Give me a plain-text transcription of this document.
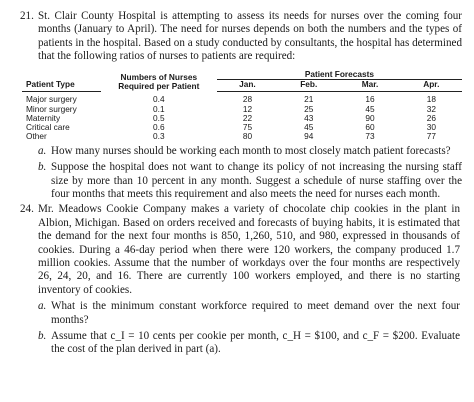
21. St. Clair County Hospital is attempting to assess its needs for nurses over the coming four months (January to April). The need for nurses depends on both the numbers and the types of patients in the hospital. Based on a study conducted by consultants, the hospital has determined that the following ratios of nurses to patients are required:

	Numbers of Nurses Required per Patient	Patient Forecasts			
Patient Type		Jan.	Feb.	Mar.	Apr.
Major surgery	0.4	28	21	16	18
Minor surgery	0.1	12	25	45	32
Maternity	0.5	22	43	90	26
Critical care	0.6	75	45	60	30
Other	0.3	80	94	73	77
a. How many nurses should be working each month to most closely match patient forecasts?
b. Suppose the hospital does not want to change its policy of not increasing the nursing staff size by more than 10 percent in any month. Suggest a schedule of nurse staffing over the four months that meets this requirement and also meets the need for nurses each month.
24. Mr. Meadows Cookie Company makes a variety of chocolate chip cookies in the plant in Albion, Michigan. Based on orders received and forecasts of buying habits, it is estimated that the demand for the next four months is 850, 1,260, 510, and 980, expressed in thousands of cookies. During a 46-day period when there were 120 workers, the company produced 1.7 million cookies. Assume that the number of workdays over the four months are respectively 26, 24, 20, and 16. There are currently 100 workers employed, and there is no starting inventory of cookies.

a. What is the minimum constant workforce required to meet demand over the next four months?
b. Assume that c_I = 10 cents per cookie per month, c_H = $100, and c_F = $200. Evaluate the cost of the plan derived in part (a).
